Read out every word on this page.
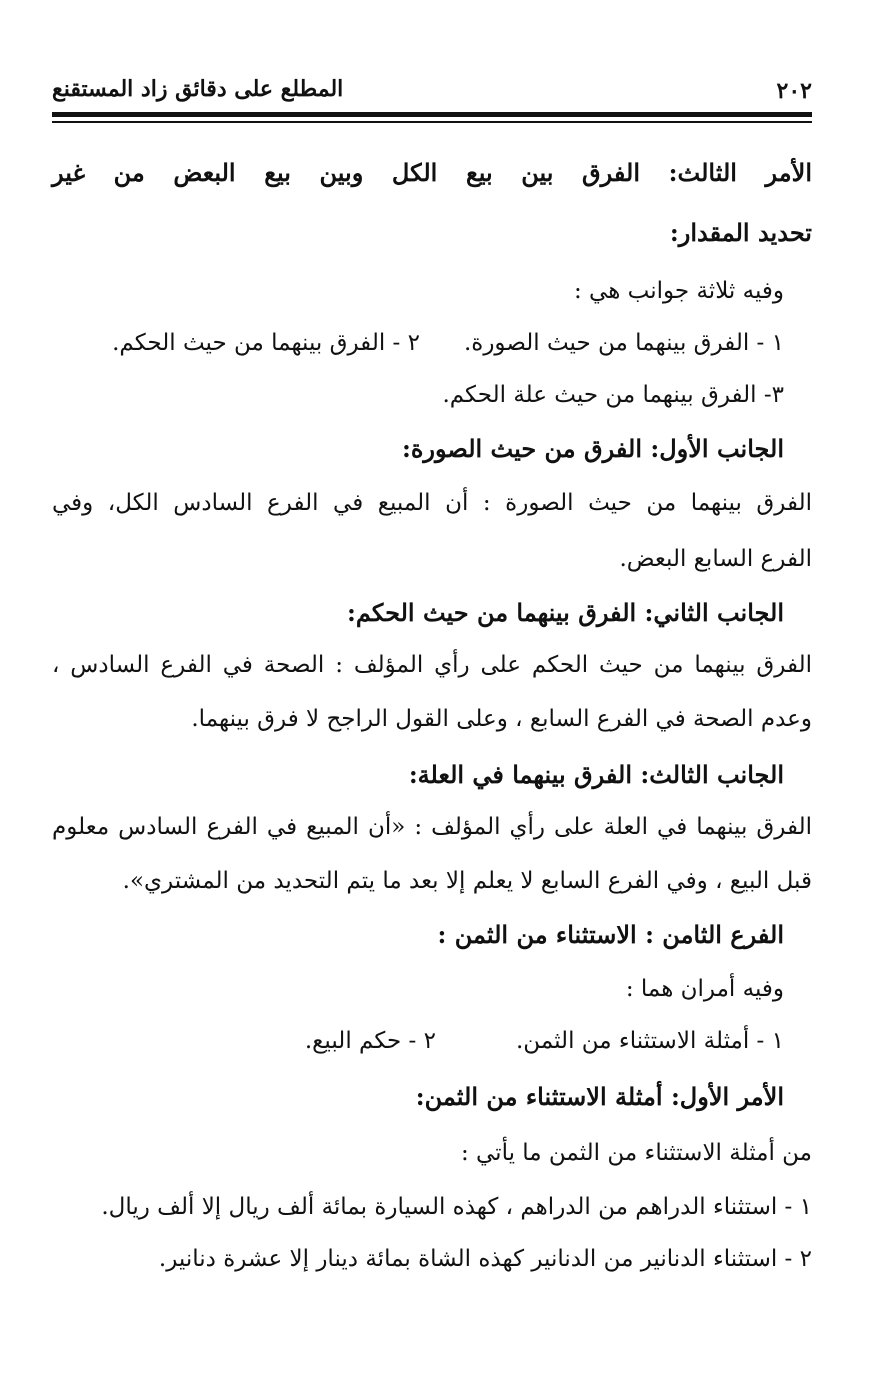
٢٠٢
المطلع على دقائق زاد المستقنع
الأمر الثالث: الفرق بين بيع الكل وبين بيع البعض من غير
تحديد المقدار:
وفيه ثلاثة جوانب هي :
١ - الفرق بينهما من حيث الصورة.
٢ - الفرق بينهما من حيث الحكم.
٣- الفرق بينهما من حيث علة الحكم.
الجانب الأول: الفرق من حيث الصورة:
الفرق بينهما من حيث الصورة : أن المبيع في الفرع السادس الكل، وفي
الفرع السابع البعض.
الجانب الثاني: الفرق بينهما من حيث الحكم:
الفرق بينهما من حيث الحكم على رأي المؤلف : الصحة في الفرع السادس ،
وعدم الصحة في الفرع السابع ، وعلى القول الراجح لا فرق بينهما.
الجانب الثالث: الفرق بينهما في العلة:
الفرق بينهما في العلة على رأي المؤلف : «أن المبيع في الفرع السادس معلوم
قبل البيع ، وفي الفرع السابع لا يعلم إلا بعد ما يتم التحديد من المشتري».
الفرع الثامن : الاستثناء من الثمن :
وفيه أمران هما :
١ - أمثلة الاستثناء من الثمن.
٢ - حكم البيع.
الأمر الأول: أمثلة الاستثناء من الثمن:
من أمثلة الاستثناء من الثمن ما يأتي :
١ - استثناء الدراهم من الدراهم ، كهذه السيارة بمائة ألف ريال إلا ألف ريال.
٢ - استثناء الدنانير من الدنانير كهذه الشاة بمائة دينار إلا عشرة دنانير.
